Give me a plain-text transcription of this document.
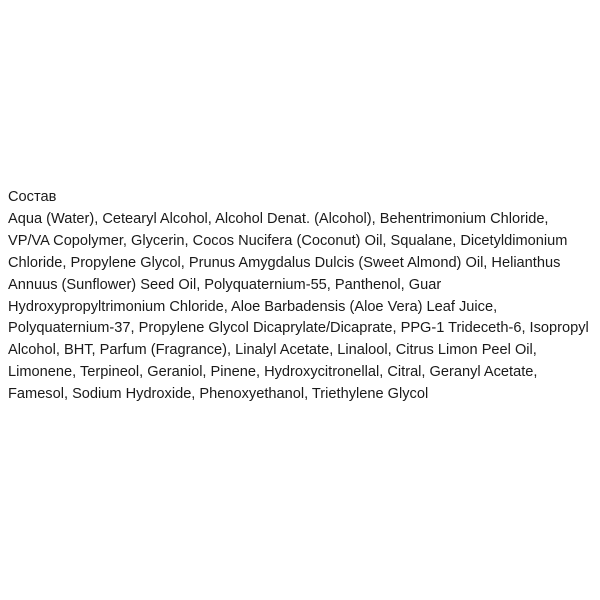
Состав
Aqua (Water), Cetearyl Alcohol, Alcohol Denat. (Alcohol), Behentrimonium Chloride,
VP/VA Copolymer, Glycerin, Cocos Nucifera (Coconut) Oil, Squalane, Dicetyldimonium
Chloride, Propylene Glycol, Prunus Amygdalus Dulcis (Sweet Almond) Oil, Helianthus
Annuus (Sunflower) Seed Oil, Polyquaternium-55, Panthenol, Guar
Hydroxypropyltrimonium Chloride, Aloe Barbadensis (Aloe Vera) Leaf Juice,
Polyquaternium-37, Propylene Glycol Dicaprylate/Dicaprate, PPG-1 Trideceth-6, Isopropyl
Alcohol, BHT, Parfum (Fragrance), Linalyl Acetate, Linalool, Citrus Limon Peel Oil,
Limonene, Terpineol, Geraniol, Pinene, Hydroxycitronellal, Citral, Geranyl Acetate,
Famesol, Sodium Hydroxide, Phenoxyethanol, Triethylene Glycol
